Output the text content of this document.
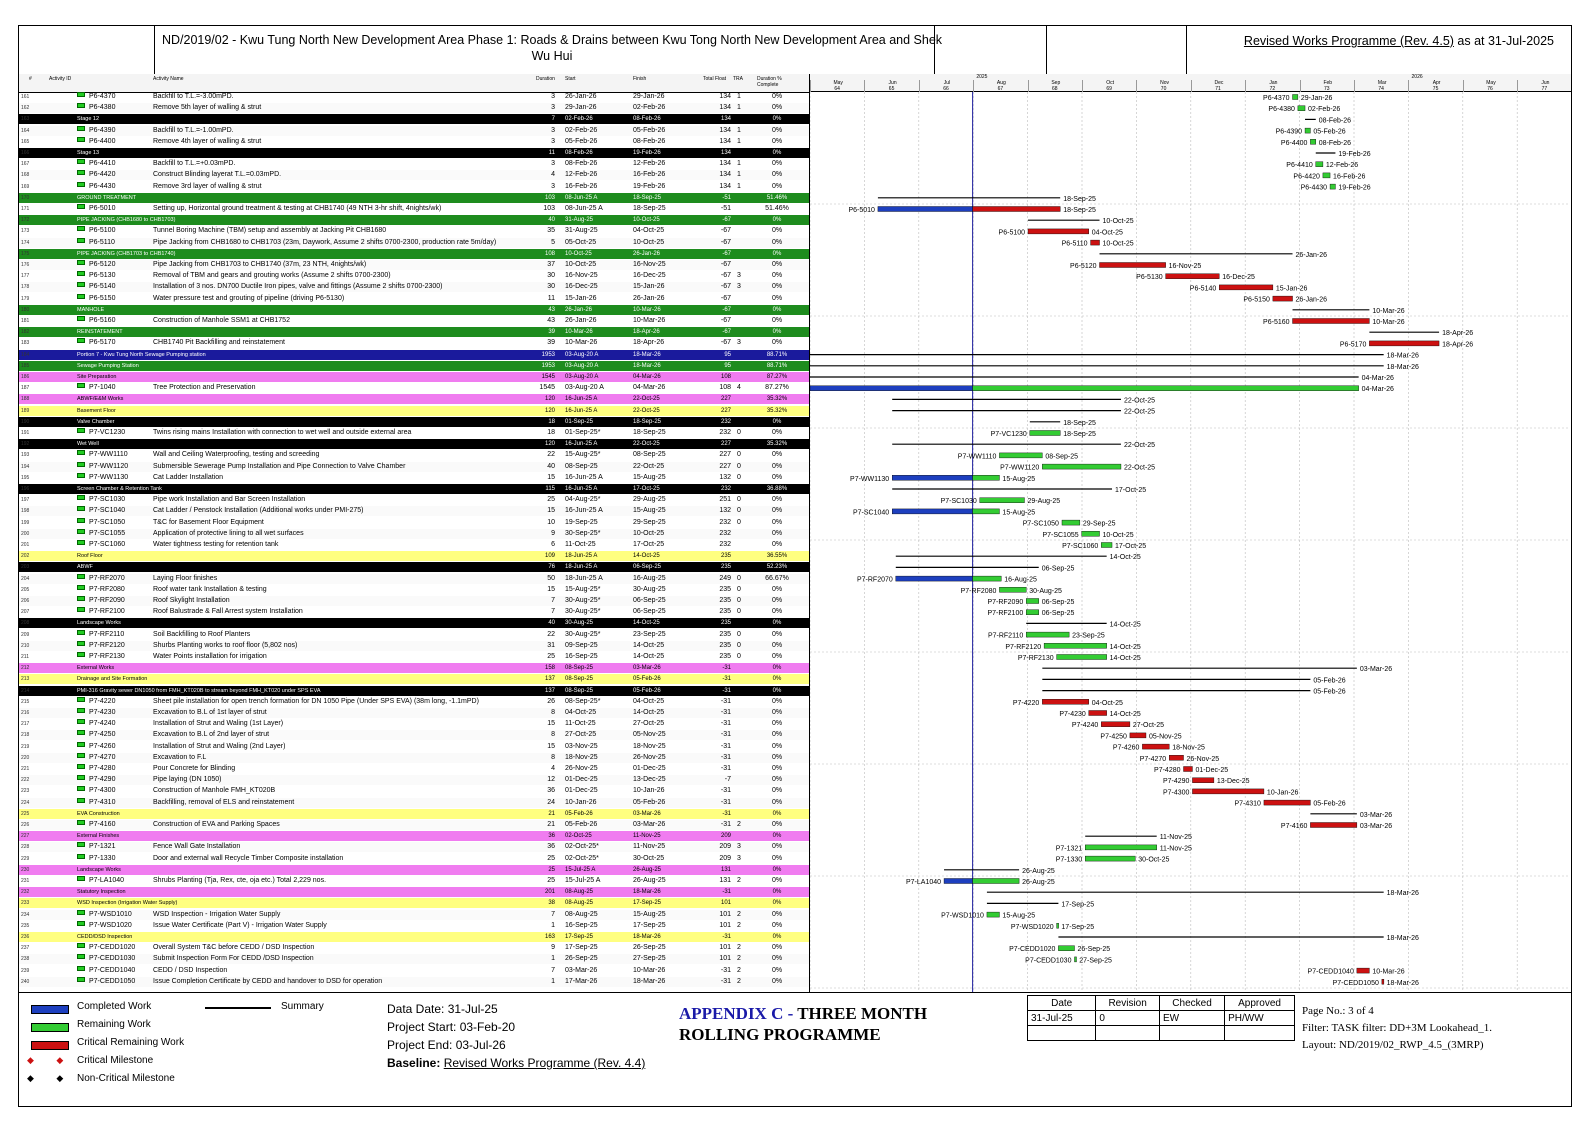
ND/2019/02 - Kwu Tung North New Development Area Phase 1: Roads & Drains between Kwu Tong North New Development Area and Shek Wu Hui
Revised Works Programme (Rev. 4.5) as at 31-Jul-2025
#	Activity ID	Activity Name	Duration Start	Finish	Total Float	TRA	Duration % Complete	May
64
Jun
65
Jul
66
Aug
67
Sep
68
Oct
69
Nov
70
Dec
71
Jan
72
Feb
73
Mar
74
Apr
75
May
76
Jun
77
2025	2026
161	P6-4370	Backfill to T.L.=-3.00mPD.	3 26-Jan-26	29-Jan-26	134 1	0%
162	P6-4380	Remove 5th layer of walling & strut	3 29-Jan-26	02-Feb-26	134 1	0%
163	Stage 12	7 02-Feb-26	08-Feb-26	134	0%
164	P6-4390	Backfill to T.L.=-1.00mPD.	3 02-Feb-26	05-Feb-26	134 1	0%
165	P6-4400	Remove 4th layer of walling & strut	3 05-Feb-26	08-Feb-26	134 1	0%
166	Stage 13	11 08-Feb-26	19-Feb-26	134	0%
167	P6-4410	Backfill to T.L.=+0.03mPD.	3 08-Feb-26	12-Feb-26	134 1	0%
168	P6-4420	Construct Blinding layerat T.L.=0.03mPD.	4 12-Feb-26	16-Feb-26	134 1	0%
169	P6-4430	Remove 3rd layer of walling & strut	3 16-Feb-26	19-Feb-26	134 1	0%
170	GROUND TREATMENT	103 08-Jun-25 A	18-Sep-25	-51	51.46%
171	P6-5010	Setting up, Horizontal ground treatment & testing at CHB1740 (49 NTH 3-hr shift, 4nights/wk)	103 08-Jun-25 A	18-Sep-25	-51	51.46%
172	PIPE JACKING (CHB1680 to CHB1703)	40 31-Aug-25	10-Oct-25	-67	0%
173	P6-5100	Tunnel Boring Machine (TBM) setup and assembly at Jacking Pit CHB1680	35 31-Aug-25	04-Oct-25	-67	0%
174	P6-5110	Pipe Jacking from CHB1680 to CHB1703 (23m, Daywork, Assume 2 shifts 0700-2300, production rate 5m/day)	5 05-Oct-25	10-Oct-25	-67	0%
175	PIPE JACKING (CHB1703 to CHB1740)	108 10-Oct-25	26-Jan-26	-67	0%
176	P6-5120	Pipe Jacking from CHB1703 to CHB1740 (37m, 23 NTH, 4nights/wk)	37 10-Oct-25	16-Nov-25	-67	0%
177	P6-5130	Removal of TBM and gears and grouting works (Assume 2 shifts 0700-2300)	30 16-Nov-25	16-Dec-25	-67 3	0%
178	P6-5140	Installation of 3 nos. DN700 Ductile Iron pipes, valve and fittings (Assume 2 shifts 0700-2300)	30 16-Dec-25	15-Jan-26	-67 3	0%
179	P6-5150	Water pressure test and grouting of pipeline (driving P6-5130)	11 15-Jan-26	26-Jan-26	-67	0%
180	MANHOLE	43 26-Jan-26	10-Mar-26	-67	0%
181	P6-5160	Construction of Manhole SSM1 at CHB1752	43 26-Jan-26	10-Mar-26	-67	0%
182	REINSTATEMENT	39 10-Mar-26	18-Apr-26	-67	0%
183	P6-5170	CHB1740 Pit Backfilling and reinstatement	39 10-Mar-26	18-Apr-26	-67 3	0%
184	Portion 7 - Kwu Tung North Sewage Pumping station	1953 03-Aug-20 A	18-Mar-26	95	88.71%
185	Sewage Pumping Station	1953 03-Aug-20 A	18-Mar-26	95	88.71%
186	Site Preparation	1545 03-Aug-20 A	04-Mar-26	108	87.27%
187	P7-1040	Tree Protection and Preservation	1545 03-Aug-20 A	04-Mar-26	108 4	87.27%
188	ABWF/E&M Works	120 16-Jun-25 A	22-Oct-25	227	35.32%
189	Basement Floor	120 16-Jun-25 A	22-Oct-25	227	35.32%
190	Valve Chamber	18 01-Sep-25	18-Sep-25	232	0%
191	P7-VC1230	Twins rising mains Installation with connection to wet well and outside external area	18 01-Sep-25*	18-Sep-25	232 0	0%
192	Wet Well	120 16-Jun-25 A	22-Oct-25	227	35.32%
193	P7-WW1110	Wall and Ceiling Waterproofing, testing and screeding	22 15-Aug-25*	08-Sep-25	227 0	0%
194	P7-WW1120	Submersible Sewerage Pump Installation and Pipe Connection to Valve Chamber	40 08-Sep-25	22-Oct-25	227 0	0%
195	P7-WW1130	Cat Ladder Installation	15 16-Jun-25 A	15-Aug-25	132 0	0%
196	Screen Chamber & Retention Tank	115 16-Jun-25 A	17-Oct-25	232	36.88%
197	P7-SC1030	Pipe work Installation and Bar Screen Installation	25 04-Aug-25*	29-Aug-25	251 0	0%
198	P7-SC1040	Cat Ladder / Penstock Installation (Additional works under PMI-275)	15 16-Jun-25 A	15-Aug-25	132 0	0%
199	P7-SC1050	T&C for Basement Floor Equipment	10 19-Sep-25	29-Sep-25	232 0	0%
200	P7-SC1055	Application of protective lining to all wet surfaces	9 30-Sep-25*	10-Oct-25	232	0%
201	P7-SC1060	Water tightness testing for retention tank	6 11-Oct-25	17-Oct-25	232	0%
202	Roof Floor	109 18-Jun-25 A	14-Oct-25	235	36.55%
203	ABWF	76 18-Jun-25 A	06-Sep-25	235	52.23%
204	P7-RF2070	Laying Floor finishes	50 18-Jun-25 A	16-Aug-25	249 0	66.67%
205	P7-RF2080	Roof water tank Installation & testing	15 15-Aug-25*	30-Aug-25	235 0	0%
206	P7-RF2090	Roof Skylight Installation	7 30-Aug-25*	06-Sep-25	235 0	0%
207	P7-RF2100	Roof Balustrade & Fall Arrest system Installation	7 30-Aug-25*	06-Sep-25	235 0	0%
208	Landscape Works	40 30-Aug-25	14-Oct-25	235	0%
209	P7-RF2110	Soil Backfilling to Roof Planters	22 30-Aug-25*	23-Sep-25	235 0	0%
210	P7-RF2120	Shurbs Planting works to roof floor (5,802 nos)	31 09-Sep-25	14-Oct-25	235 0	0%
211	P7-RF2130	Water Points installation for irrigation	25 16-Sep-25	14-Oct-25	235 0	0%
212	External Works	158 08-Sep-25	03-Mar-26	-31	0%
213	Drainage and Site Formation	137 08-Sep-25	05-Feb-26	-31	0%
214	PMI-316 Gravity sewer DN1050 from FMH_KT020B to stream beyond FMH_KT020 under SPS EVA	137 08-Sep-25	05-Feb-26	-31	0%
215	P7-4220	Sheet pile installation for open trench formation for DN 1050 Pipe (Under SPS EVA) (38m long, -1.1mPD)	26 08-Sep-25*	04-Oct-25	-31	0%
216	P7-4230	Excavation to B.L of 1st layer of strut	8 04-Oct-25	14-Oct-25	-31	0%
217	P7-4240	Installation of Strut and Waling (1st Layer)	15 11-Oct-25	27-Oct-25	-31	0%
218	P7-4250	Excavation to B.L of 2nd layer of strut	8 27-Oct-25	05-Nov-25	-31	0%
219	P7-4260	Installation of Strut and Waling (2nd Layer)	15 03-Nov-25	18-Nov-25	-31	0%
220	P7-4270	Excavation to F.L	8 18-Nov-25	26-Nov-25	-31	0%
221	P7-4280	Pour Concrete for Blinding	4 26-Nov-25	01-Dec-25	-31	0%
222	P7-4290	Pipe laying (DN 1050)	12 01-Dec-25	13-Dec-25	-7	0%
223	P7-4300	Construction of Manhole FMH_KT020B	36 01-Dec-25	10-Jan-26	-31	0%
224	P7-4310	Backfilling, removal of ELS and reinstatement	24 10-Jan-26	05-Feb-26	-31	0%
225	EVA Construction	21 05-Feb-26	03-Mar-26	-31	0%
226	P7-4160	Construction of EVA and Parking Spaces	21 05-Feb-26	03-Mar-26	-31 2	0%
227	External Finishes	36 02-Oct-25	11-Nov-25	209	0%
228	P7-1321	Fence Wall Gate Installation	36 02-Oct-25*	11-Nov-25	209 3	0%
229	P7-1330	Door and external wall Recycle Timber Composite installation	25 02-Oct-25*	30-Oct-25	209 3	0%
230	Landscape Works	25 15-Jul-25 A	26-Aug-25	131	0%
231	P7-LA1040	Shrubs Planting (Tja, Rex, cte, oja etc.) Total 2,229 nos.	25 15-Jul-25 A	26-Aug-25	131 2	0%
232	Statutory Inspection	201 08-Aug-25	18-Mar-26	-31	0%
233	WSD Inspection (Irrigation Water Supply)	38 08-Aug-25	17-Sep-25	101	0%
234	P7-WSD1010	WSD Inspection - Irrigation Water Supply	7 08-Aug-25	15-Aug-25	101 2	0%
235	P7-WSD1020	Issue Water Certificate (Part V) - Irrigation Water Supply	1 16-Sep-25	17-Sep-25	101 2	0%
236	CEDD/DSD Inspection	163 17-Sep-25	18-Mar-26	-31	0%
237	P7-CEDD1020	Overall System T&C before CEDD / DSD Inspection	9 17-Sep-25	26-Sep-25	101 2	0%
238	P7-CEDD1030	Submit Inspection Form For CEDD /DSD Inspection	1 26-Sep-25	27-Sep-25	101 2	0%
239	P7-CEDD1040	CEDD / DSD Inspection	7 03-Mar-26	10-Mar-26	-31 2	0%
240	P7-CEDD1050	Issue Completion Certificate by CEDD and handover to DSD for operation	1 17-Mar-26	18-Mar-26	-31 2	0%
P6-4370 29-Jan-26
P6-4380 02-Feb-26
08-Feb-26
P6-4390 05-Feb-26
P6-4400 08-Feb-26
19-Feb-26
P6-4410 12-Feb-26
P6-4420 16-Feb-26
P6-4430 19-Feb-26
18-Sep-25
P6-5010	18-Sep-25
10-Oct-25
P6-5100	04-Oct-25
P6-5110 10-Oct-25
26-Jan-26
P6-5120	16-Nov-25
P6-5130	16-Dec-25
P6-5140	15-Jan-26
P6-5150	26-Jan-26
10-Mar-26
P6-5160	10-Mar-26
18-Apr-26
P6-5170	18-Apr-26
18-Mar-26
18-Mar-26
04-Mar-26
04-Mar-26
22-Oct-25
22-Oct-25
18-Sep-25
P7-VC1230	18-Sep-25
22-Oct-25
P7-WW1110	08-Sep-25
P7-WW1120	22-Oct-25
P7-WW1130	15-Aug-25
17-Oct-25
P7-SC1030	29-Aug-25
P7-SC1040	15-Aug-25
P7-SC1050	29-Sep-25
P7-SC1055	10-Oct-25
P7-SC1060 17-Oct-25
14-Oct-25
06-Sep-25
P7-RF2070	16-Aug-25
P7-RF2080	30-Aug-25
P7-RF2090	06-Sep-25
P7-RF2100	06-Sep-25
14-Oct-25
P7-RF2110	23-Sep-25
P7-RF2120	14-Oct-25
P7-RF2130	14-Oct-25
03-Mar-26
05-Feb-26
05-Feb-26
P7-4220	04-Oct-25
P7-4230	14-Oct-25
P7-4240	27-Oct-25
P7-4250	05-Nov-25
P7-4260	18-Nov-25
P7-4270	26-Nov-25
P7-4280 01-Dec-25
P7-4290	13-Dec-25
P7-4300	10-Jan-26
P7-4310	05-Feb-26
03-Mar-26
P7-4160	03-Mar-26
11-Nov-25
P7-1321	11-Nov-25
P7-1330	30-Oct-25
26-Aug-25
P7-LA1040	26-Aug-25
18-Mar-26
17-Sep-25
P7-WSD1010	15-Aug-25
P7-WSD1020 17-Sep-25
18-Mar-26
P7-CEDD1020	26-Sep-25
P7-CEDD1030 27-Sep-25
P7-CEDD1040	10-Mar-26
P7-CEDD1050 18-Mar-26
Completed Work
Remaining Work
Critical Remaining Work
◆         ◆ Critical Milestone
◆         ◆ Non-Critical Milestone
Summary	Data Date: 31-Jul-25
Project Start: 03-Feb-20
Project End: 03-Jul-26
Baseline: Revised Works Programme (Rev. 4.4)
APPENDIX C - THREE MONTH
ROLLING PROGRAMME
Date	Revision	Checked	Approved
31-Jul-25	0	EW	PH/WW

Page No.: 3 of 4
Filter: TASK filter: DD+3M Lookahead_1.
Layout: ND/2019/02_RWP_4.5_(3MRP)
